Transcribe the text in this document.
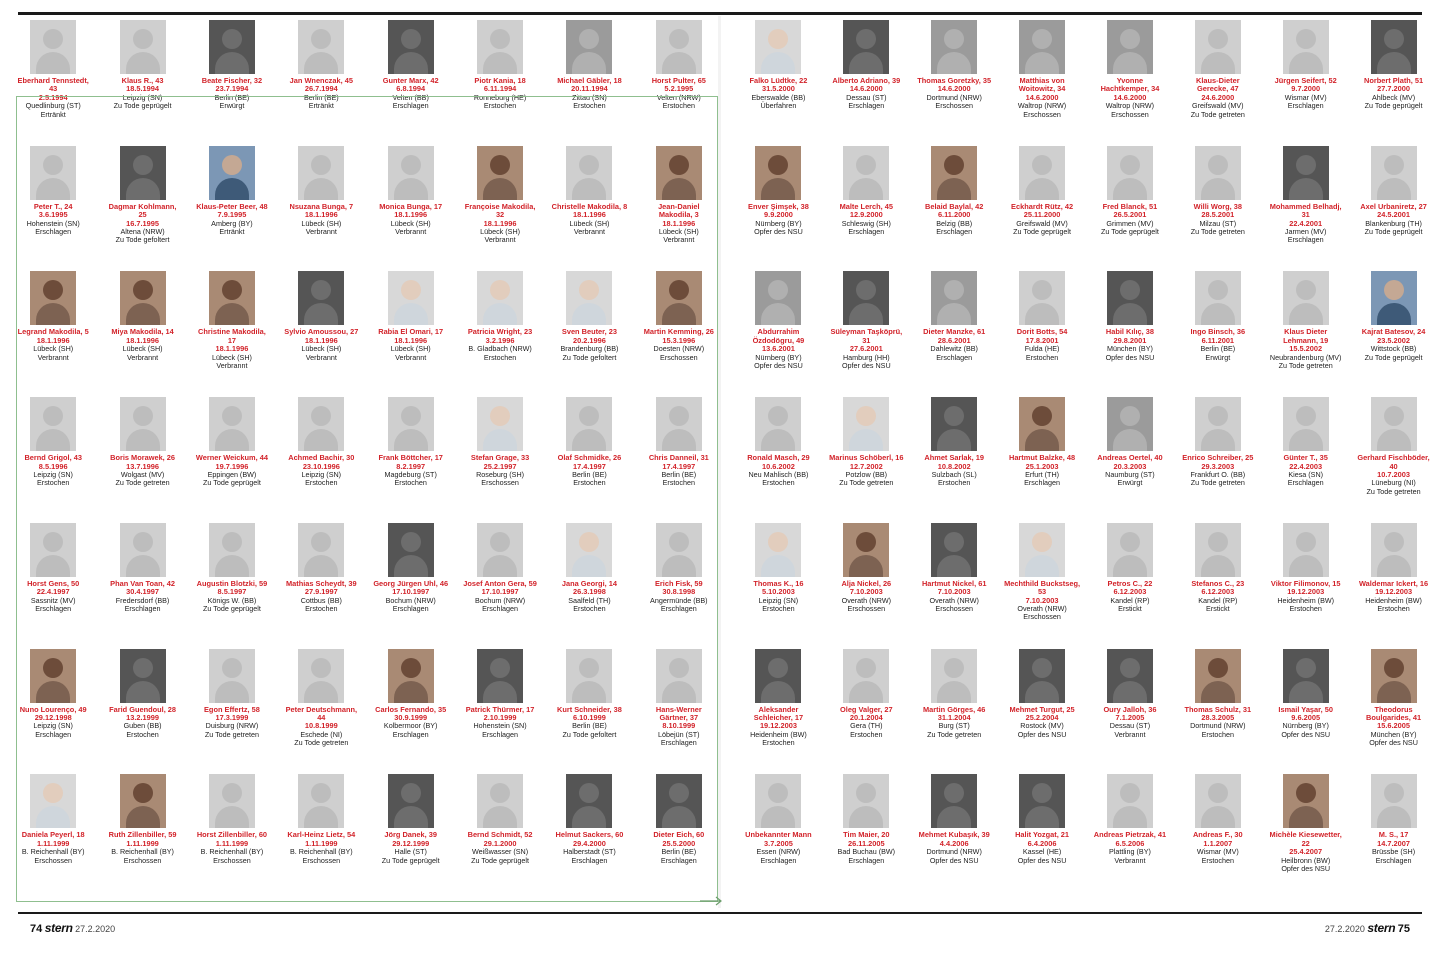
Eberhard Tennstedt, 43
2.5.1994
Quedlinburg (ST)
Ertränkt
Klaus R., 43
18.5.1994
Leipzig (SN)
Zu Tode geprügelt
Beate Fischer, 32
23.7.1994
Berlin (BE)
Erwürgt
Jan Wnenczak, 45
26.7.1994
Berlin (BE)
Ertränkt
Gunter Marx, 42
6.8.1994
Velten (BB)
Erschlagen
Piotr Kania, 18
6.11.1994
Ronneburg (HE)
Erstochen
Michael Gäbler, 18
20.11.1994
Zittau (SN)
Erstochen
Horst Pulter, 65
5.2.1995
Velten (NRW)
Erstochen
Peter T., 24
3.6.1995
Hohenstein (SN)
Erschlagen
Dagmar Kohlmann, 25
16.7.1995
Altena (NRW)
Zu Tode gefoltert
Klaus-Peter Beer, 48
7.9.1995
Amberg (BY)
Ertränkt
Nsuzana Bunga, 7
18.1.1996
Lübeck (SH)
Verbrannt
Monica Bunga, 17
18.1.1996
Lübeck (SH)
Verbrannt
Françoise Makodila, 32
18.1.1996
Lübeck (SH)
Verbrannt
Christelle Makodila, 8
18.1.1996
Lübeck (SH)
Verbrannt
Jean-Daniel Makodila, 3
18.1.1996
Lübeck (SH)
Verbrannt
Legrand Makodila, 5
18.1.1996
Lübeck (SH)
Verbrannt
Miya Makodila, 14
18.1.1996
Lübeck (SH)
Verbrannt
Christine Makodila, 17
18.1.1996
Lübeck (SH)
Verbrannt
Sylvio Amoussou, 27
18.1.1996
Lübeck (SH)
Verbrannt
Rabia El Omari, 17
18.1.1996
Lübeck (SH)
Verbrannt
Patricia Wright, 23
3.2.1996
B. Gladbach (NRW)
Erstochen
Sven Beuter, 23
20.2.1996
Brandenburg (BB)
Zu Tode gefoltert
Martin Kemming, 26
15.3.1996
Doesten (NRW)
Erschossen
Bernd Grigol, 43
8.5.1996
Leipzig (SN)
Erstochen
Boris Morawek, 26
13.7.1996
Wolgast (MV)
Zu Tode getreten
Werner Weickum, 44
19.7.1996
Eppingen (BW)
Zu Tode geprügelt
Achmed Bachir, 30
23.10.1996
Leipzig (SN)
Erstochen
Frank Böttcher, 17
8.2.1997
Magdeburg (ST)
Erstochen
Stefan Grage, 33
25.2.1997
Roseburg (SH)
Erschossen
Olaf Schmidke, 26
17.4.1997
Berlin (BE)
Erstochen
Chris Danneil, 31
17.4.1997
Berlin (BE)
Erstochen
Horst Gens, 50
22.4.1997
Sassnitz (MV)
Erschlagen
Phan Van Toan, 42
30.4.1997
Fredersdorf (BB)
Erschlagen
Augustin Blotzki, 59
8.5.1997
Königs W. (BB)
Zu Tode geprügelt
Mathias Scheydt, 39
27.9.1997
Cottbus (BB)
Erstochen
Georg Jürgen Uhl, 46
17.10.1997
Bochum (NRW)
Erschlagen
Josef Anton Gera, 59
17.10.1997
Bochum (NRW)
Erschlagen
Jana Georgi, 14
26.3.1998
Saalfeld (TH)
Erstochen
Erich Fisk, 59
30.8.1998
Angermünde (BB)
Erschlagen
Nuno Lourenço, 49
29.12.1998
Leipzig (SN)
Erschlagen
Farid Guendoul, 28
13.2.1999
Guben (BB)
Erstochen
Egon Effertz, 58
17.3.1999
Duisburg (NRW)
Zu Tode getreten
Peter Deutschmann, 44
10.8.1999
Eschede (NI)
Zu Tode getreten
Carlos Fernando, 35
30.9.1999
Kolbermoor (BY)
Erschlagen
Patrick Thürmer, 17
2.10.1999
Hohenstein (SN)
Erschlagen
Kurt Schneider, 38
6.10.1999
Berlin (BE)
Zu Tode gefoltert
Hans-Werner Gärtner, 37
8.10.1999
Löbejün (ST)
Erschlagen
Daniela Peyerl, 18
1.11.1999
B. Reichenhall (BY)
Erschossen
Ruth Zillenbiller, 59
1.11.1999
B. Reichenhall (BY)
Erschossen
Horst Zillenbiller, 60
1.11.1999
B. Reichenhall (BY)
Erschossen
Karl-Heinz Lietz, 54
1.11.1999
B. Reichenhall (BY)
Erschossen
Jörg Danek, 39
29.12.1999
Halle (ST)
Zu Tode geprügelt
Bernd Schmidt, 52
29.1.2000
Weißwasser (SN)
Zu Tode geprügelt
Helmut Sackers, 60
29.4.2000
Halberstadt (ST)
Erschlagen
Dieter Eich, 60
25.5.2000
Berlin (BE)
Erschlagen
Falko Lüdtke, 22
31.5.2000
Eberswalde (BB)
Überfahren
Alberto Adriano, 39
14.6.2000
Dessau (ST)
Erschlagen
Thomas Goretzky, 35
14.6.2000
Dortmund (NRW)
Erschossen
Matthias von Woitowitz, 34
14.6.2000
Waltrop (NRW)
Erschossen
Yvonne Hachtkemper, 34
14.6.2000
Waltrop (NRW)
Erschossen
Klaus-Dieter Gerecke, 47
24.6.2000
Greifswald (MV)
Zu Tode getreten
Jürgen Seifert, 52
9.7.2000
Wismar (MV)
Erschlagen
Norbert Plath, 51
27.7.2000
Ahlbeck (MV)
Zu Tode geprügelt
Enver Şimşek, 38
9.9.2000
Nürnberg (BY)
Opfer des NSU
Malte Lerch, 45
12.9.2000
Schleswig (SH)
Erschlagen
Belaid Baylal, 42
6.11.2000
Belzig (BB)
Erschlagen
Eckhardt Rütz, 42
25.11.2000
Greifswald (MV)
Zu Tode geprügelt
Fred Blanck, 51
26.5.2001
Grimmen (MV)
Zu Tode geprügelt
Willi Worg, 38
28.5.2001
Milzau (ST)
Zu Tode getreten
Mohammed Belhadj, 31
22.4.2001
Jarmen (MV)
Erschlagen
Axel Urbaniretz, 27
24.5.2001
Blankenburg (TH)
Zu Tode geprügelt
Abdurrahim Özdodögru, 49
13.6.2001
Nürnberg (BY)
Opfer des NSU
Süleyman Taşköprü, 31
27.6.2001
Hamburg (HH)
Opfer des NSU
Dieter Manzke, 61
28.6.2001
Dahlewitz (BB)
Erschlagen
Dorit Botts, 54
17.8.2001
Fulda (HE)
Erstochen
Habil Kılıç, 38
29.8.2001
München (BY)
Opfer des NSU
Ingo Binsch, 36
6.11.2001
Berlin (BE)
Erwürgt
Klaus Dieter Lehmann, 19
15.5.2002
Neubrandenburg (MV)
Zu Tode getreten
Kajrat Batesov, 24
23.5.2002
Wittstock (BB)
Zu Tode geprügelt
Ronald Masch, 29
10.6.2002
Neu Mahlisch (BB)
Erstochen
Marinus Schöberl, 16
12.7.2002
Potzlow (BB)
Zu Tode getreten
Ahmet Sarlak, 19
10.8.2002
Sulzbach (SL)
Erstochen
Hartmut Balzke, 48
25.1.2003
Erfurt (TH)
Erschlagen
Andreas Oertel, 40
20.3.2003
Naumburg (ST)
Erwürgt
Enrico Schreiber, 25
29.3.2003
Frankfurt O. (BB)
Zu Tode getreten
Günter T., 35
22.4.2003
Kiesa (SN)
Erschlagen
Gerhard Fischböder, 40
10.7.2003
Lüneburg (NI)
Zu Tode getreten
Thomas K., 16
5.10.2003
Leipzig (SN)
Erstochen
Alja Nickel, 26
7.10.2003
Overath (NRW)
Erschossen
Hartmut Nickel, 61
7.10.2003
Overath (NRW)
Erschossen
Mechthild Buckstseg, 53
7.10.2003
Overath (NRW)
Erschossen
Petros C., 22
6.12.2003
Kandel (RP)
Erstickt
Stefanos C., 23
6.12.2003
Kandel (RP)
Erstickt
Viktor Filimonov, 15
19.12.2003
Heidenheim (BW)
Erstochen
Waldemar Ickert, 16
19.12.2003
Heidenheim (BW)
Erstochen
Aleksander Schleicher, 17
19.12.2003
Heidenheim (BW)
Erstochen
Oleg Valger, 27
20.1.2004
Gera (TH)
Erstochen
Martin Görges, 46
31.1.2004
Burg (ST)
Zu Tode getreten
Mehmet Turgut, 25
25.2.2004
Rostock (MV)
Opfer des NSU
Oury Jalloh, 36
7.1.2005
Dessau (ST)
Verbrannt
Thomas Schulz, 31
28.3.2005
Dortmund (NRW)
Erstochen
Ismail Yaşar, 50
9.6.2005
Nürnberg (BY)
Opfer des NSU
Theodorus Boulgarides, 41
15.6.2005
München (BY)
Opfer des NSU
Unbekannter Mann
3.7.2005
Essen (NRW)
Erschlagen
Tim Maier, 20
26.11.2005
Bad Buchau (BW)
Erschlagen
Mehmet Kubaşık, 39
4.4.2006
Dortmund (NRW)
Opfer des NSU
Halit Yozgat, 21
6.4.2006
Kassel (HE)
Opfer des NSU
Andreas Pietrzak, 41
6.5.2006
Plattling (BY)
Verbrannt
Andreas F., 30
1.1.2007
Wismar (MV)
Erstochen
Michèle Kiesewetter, 22
25.4.2007
Heilbronn (BW)
Opfer des NSU
M. S., 17
14.7.2007
Brüssbe (SH)
Erschlagen
74 stern 27.2.2020	27.2.2020 stern 75
